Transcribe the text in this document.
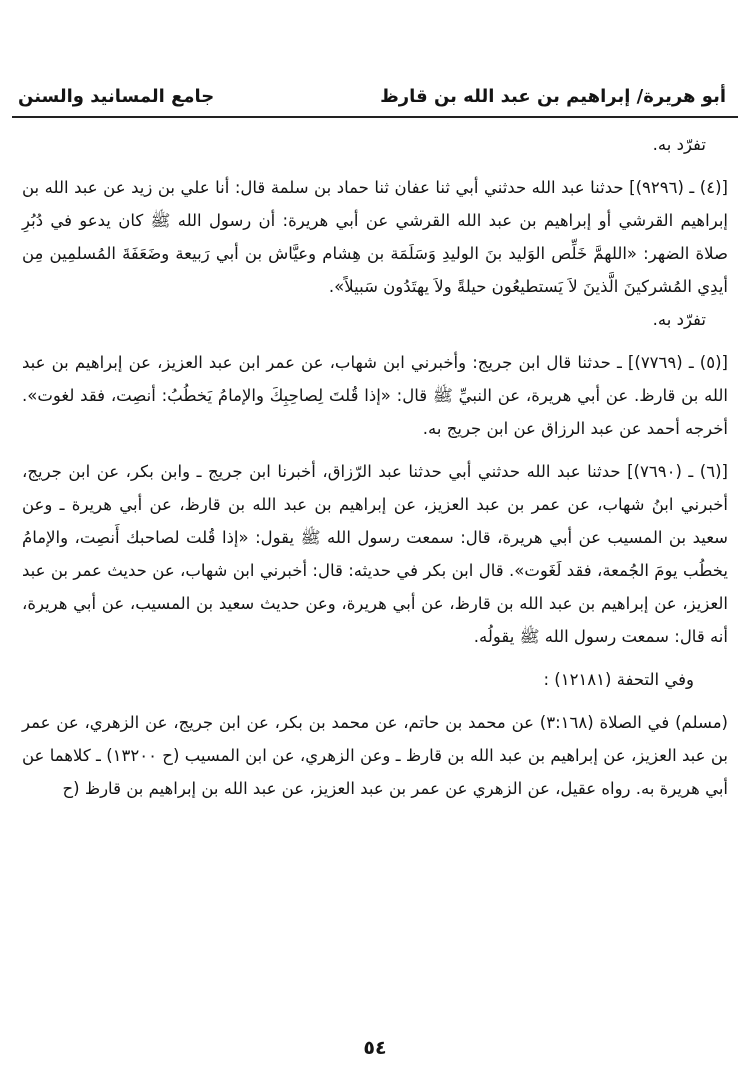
أبو هريرة/ إبراهيم بن عبد الله بن قارظ
جامع المسانيد والسنن

تفرّد به.

[(٤) ـ (٩٢٩٦)] حدثنا عبد الله حدثني أبي ثنا عفان ثنا حماد بن سلمة قال: أنا علي بن زيد عن عبد الله بن إبراهيم القرشي أو إبراهيم بن عبد الله القرشي عن أبي هريرة: أن رسول الله ﷺ كان يدعو في دُبُرِ صلاة الضهر: «اللهمَّ خَلِّص الوَليد بنَ الوليدِ وَسَلَمَة بن هِشام وعيَّاش بن أبي رَبيعة وضَعَفَةَ المُسلمِين مِن أيدِي المُشركينَ الَّذينَ لاَ يَستطيعُون حيلةً ولاَ يهتَدُون سَبيلاً».

تفرّد به.

[(٥) ـ (٧٧٦٩)] ـ حدثنا قال ابن جريج: وأخبرني ابن شهاب، عن عمر ابن عبد العزيز، عن إبراهيم بن عبد الله بن قارظ. عن أبي هريرة، عن النبيِّ ﷺ قال: «إذا قُلتَ لِصاحِبِكَ والإمامُ يَخطُبُ: أنصِت، فقد لغوت». أخرجه أحمد عن عبد الرزاق عن ابن جريج به.

[(٦) ـ (٧٦٩٠)] حدثنا عبد الله حدثني أبي حدثنا عبد الرّزاق، أخبرنا ابن جريج ـ وابن بكر، عن ابن جريج، أخبرني ابنُ شهاب، عن عمر بن عبد العزيز، عن إبراهيم بن عبد الله بن قارظ، عن أبي هريرة ـ وعن سعيد بن المسيب عن أبي هريرة، قال: سمعت رسول الله ﷺ يقول: «إذا قُلت لصاحبك أَنصِت، والإمامُ يخطُب يومَ الجُمعة، فقد لَغَوت». قال ابن بكر في حديثه: قال: أخبرني ابن شهاب، عن حديث عمر بن عبد العزيز، عن إبراهيم بن عبد الله بن قارظ، عن أبي هريرة، وعن حديث سعيد بن المسيب، عن أبي هريرة، أنه قال: سمعت رسول الله ﷺ يقولُه.

وفي التحفة (١٢١٨١) :

(مسلم) في الصلاة (٣:١٦٨) عن محمد بن حاتم، عن محمد بن بكر، عن ابن جريج، عن الزهري، عن عمر بن عبد العزيز، عن إبراهيم بن عبد الله بن قارظ ـ وعن الزهري، عن ابن المسيب (ح ١٣٢٠٠) ـ كلاهما عن أبي هريرة به. رواه عقيل، عن الزهري عن عمر بن عبد العزيز، عن عبد الله بن إبراهيم بن قارظ (ح

٥٤
